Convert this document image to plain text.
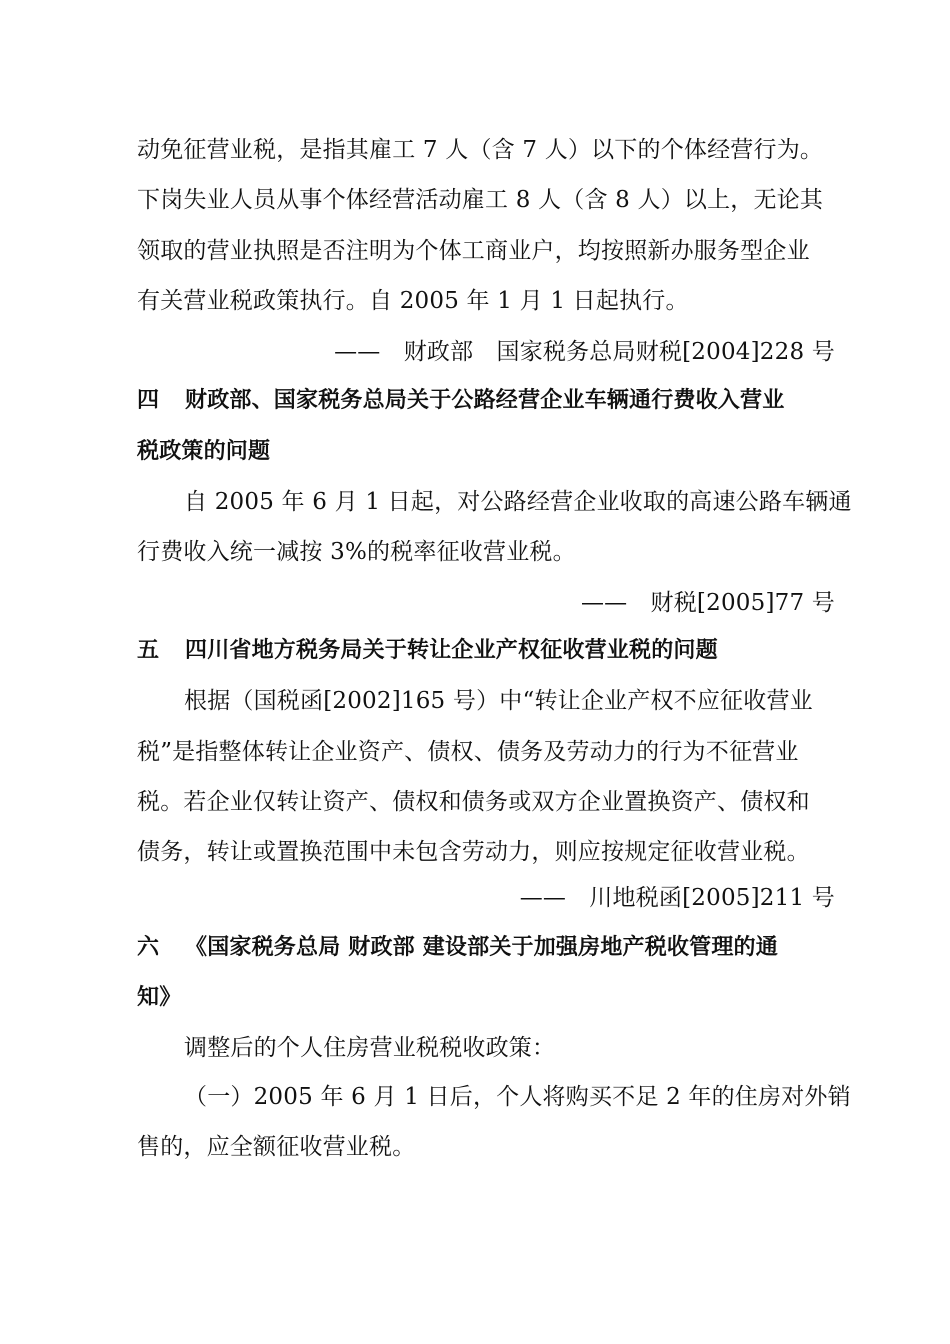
动免征营业税，是指其雇工 7 人（含 7 人）以下的个体经营行为。
下岗失业人员从事个体经营活动雇工 8 人（含 8 人）以上，无论其
领取的营业执照是否注明为个体工商业户，均按照新办服务型企业
有关营业税政策执行。自 2005 年 1 月 1 日起执行。
——　财政部　国家税务总局财税[2004]228 号
四 财政部、国家税务总局关于公路经营企业车辆通行费收入营业
税政策的问题
自 2005 年 6 月 1 日起，对公路经营企业收取的高速公路车辆通
行费收入统一减按 3%的税率征收营业税。
——　财税[2005]77 号
五 四川省地方税务局关于转让企业产权征收营业税的问题
根据（国税函[2002]165 号）中“转让企业产权不应征收营业
税”是指整体转让企业资产、债权、债务及劳动力的行为不征营业
税。若企业仅转让资产、债权和债务或双方企业置换资产、债权和
债务，转让或置换范围中未包含劳动力，则应按规定征收营业税。
——　川地税函[2005]211 号
六 《国家税务总局 财政部 建设部关于加强房地产税收管理的通
知》
调整后的个人住房营业税税收政策：
（一）2005 年 6 月 1 日后，个人将购买不足 2 年的住房对外销
售的，应全额征收营业税。
